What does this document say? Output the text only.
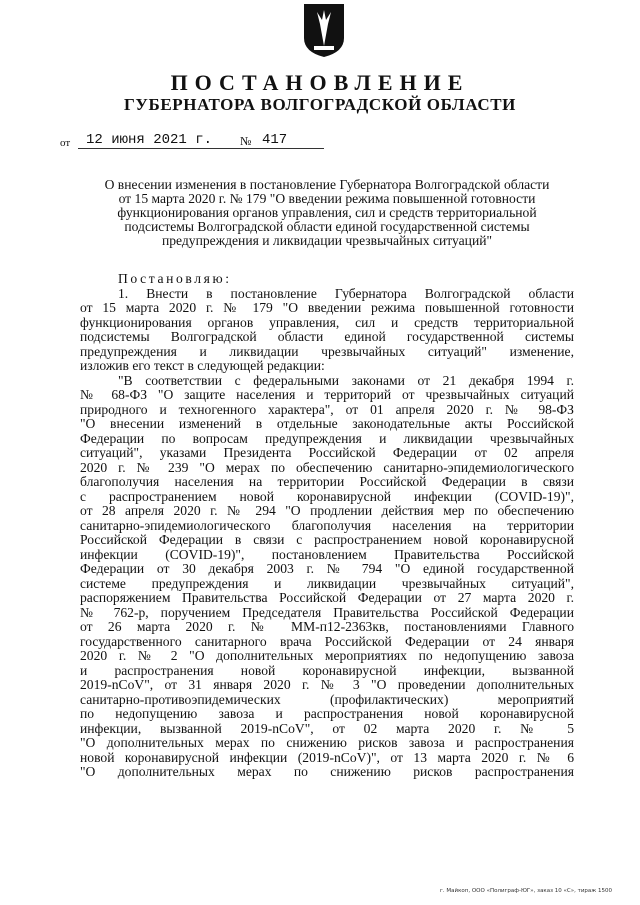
ПОСТАНОВЛЕНИЕ
ГУБЕРНАТОРА ВОЛГОГРАДСКОЙ ОБЛАСТИ
от	12 июня 2021 г.	№ 417
О внесении изменения в постановление Губернатора Волгоградской области
от 15 марта 2020 г. № 179 "О введении режима повышенной готовности
функционирования органов управления, сил и средств территориальной
подсистемы Волгоградской области единой государственной системы
предупреждения и ликвидации чрезвычайных ситуаций"
Постановляю:
1. Внести в постановление Губернатора Волгоградской области
от 15 марта 2020 г. № 179 "О введении режима повышенной готовности
функционирования органов управления, сил и средств территориальной
подсистемы Волгоградской области единой государственной системы
предупреждения и ликвидации чрезвычайных ситуаций" изменение,
изложив его текст в следующей редакции:
"В соответствии с федеральными законами от 21 декабря 1994 г.
№ 68-ФЗ "О защите населения и территорий от чрезвычайных ситуаций
природного и техногенного характера", от 01 апреля 2020 г. № 98-ФЗ
"О внесении изменений в отдельные законодательные акты Российской
Федерации по вопросам предупреждения и ликвидации чрезвычайных
ситуаций", указами Президента Российской Федерации от 02 апреля
2020 г. № 239 "О мерах по обеспечению санитарно-эпидемиологического
благополучия населения на территории Российской Федерации в связи
с распространением новой коронавирусной инфекции (COVID-19)",
от 28 апреля 2020 г. № 294 "О продлении действия мер по обеспечению
санитарно-эпидемиологического благополучия населения на территории
Российской Федерации в связи с распространением новой коронавирусной
инфекции (COVID-19)", постановлением Правительства Российской
Федерации от 30 декабря 2003 г. № 794 "О единой государственной
системе предупреждения и ликвидации чрезвычайных ситуаций",
распоряжением Правительства Российской Федерации от 27 марта 2020 г.
№ 762-р, поручением Председателя Правительства Российской Федерации
от 26 марта 2020 г. № ММ-п12-2363кв, постановлениями Главного
государственного санитарного врача Российской Федерации от 24 января
2020 г. № 2 "О дополнительных мероприятиях по недопущению завоза
и распространения новой коронавирусной инфекции, вызванной
2019-nCoV", от 31 января 2020 г. № 3 "О проведении дополнительных
санитарно-противоэпидемических (профилактических) мероприятий
по недопущению завоза и распространения новой коронавирусной
инфекции, вызванной 2019-nCoV", от 02 марта 2020 г. № 5
"О дополнительных мерах по снижению рисков завоза и распространения
новой коронавирусной инфекции (2019-nCoV)", от 13 марта 2020 г. № 6
"О дополнительных мерах по снижению рисков распространения
г. Майкоп, ООО «Полиграф-ЮГ», заказ 10 «С», тираж 1500
